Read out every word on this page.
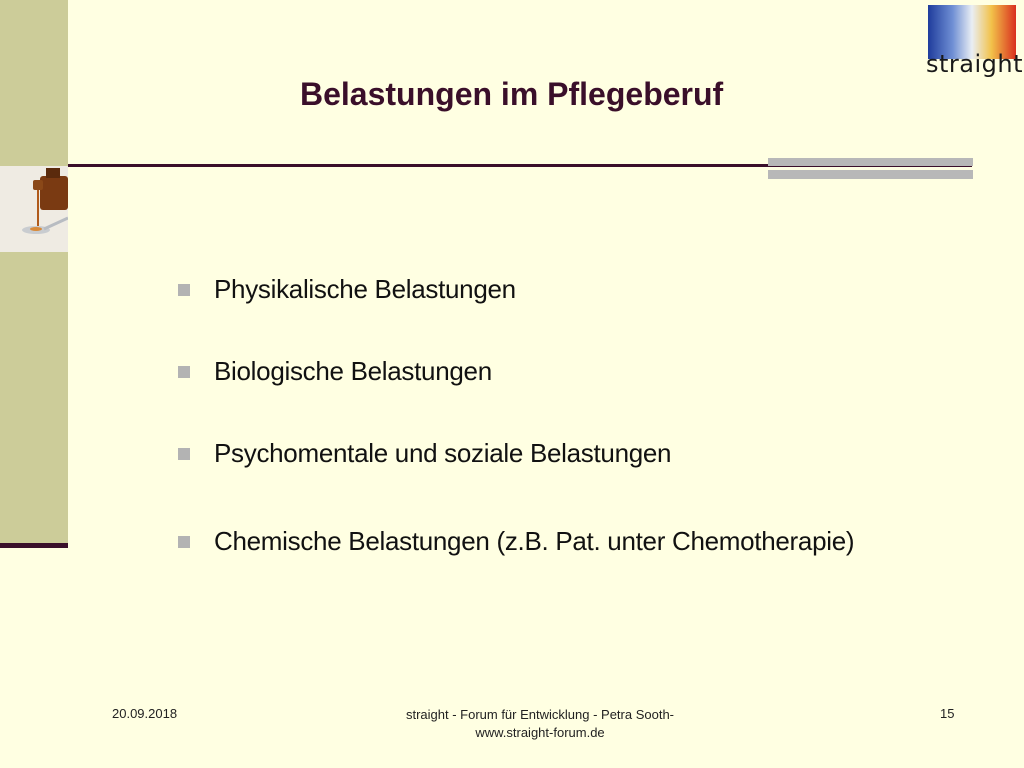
straight
Belastungen im Pflegeberuf
Physikalische Belastungen
Biologische Belastungen
Psychomentale und soziale Belastungen
Chemische Belastungen (z.B. Pat. unter Chemotherapie)
20.09.2018	straight - Forum für Entwicklung - Petra Sooth-
www.straight-forum.de
15
